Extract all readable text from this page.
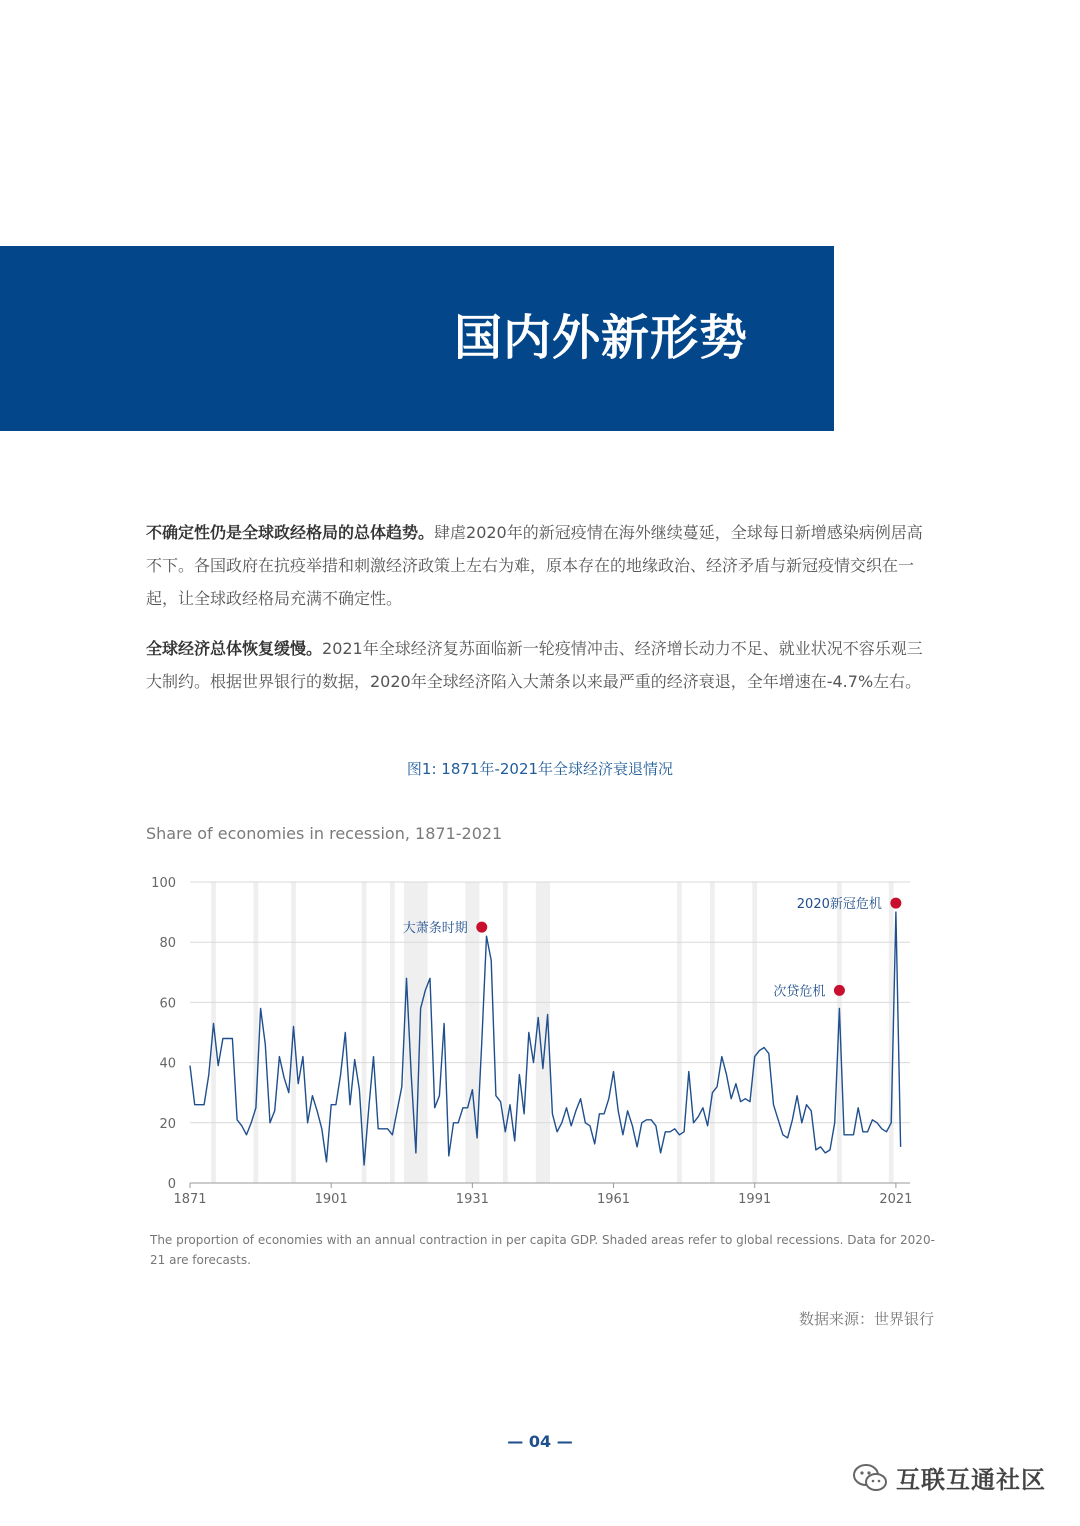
国内外新形势

不确定性仍是全球政经格局的总体趋势。肆虐2020年的新冠疫情在海外继续蔓延，全球每日新增感染病例居高不下。各国政府在抗疫举措和刺激经济政策上左右为难，原本存在的地缘政治、经济矛盾与新冠疫情交织在一起，让全球政经格局充满不确定性。

全球经济总体恢复缓慢。2021年全球经济复苏面临新一轮疫情冲击、经济增长动力不足、就业状况不容乐观三大制约。根据世界银行的数据，2020年全球经济陷入大萧条以来最严重的经济衰退，全年增速在-4.7%左右。

图1: 1871年-2021年全球经济衰退情况
Share of economies in recession, 1871-2021
0
20
40
60
80
100
1871	1901	1931	1961	1991	2021
大萧条时期
次贷危机
2020新冠危机
The proportion of economies with an annual contraction in per capita GDP. Shaded areas refer to global recessions. Data for 2020-21 are forecasts.
数据来源：世界银行
— 04 —
互联互通社区
